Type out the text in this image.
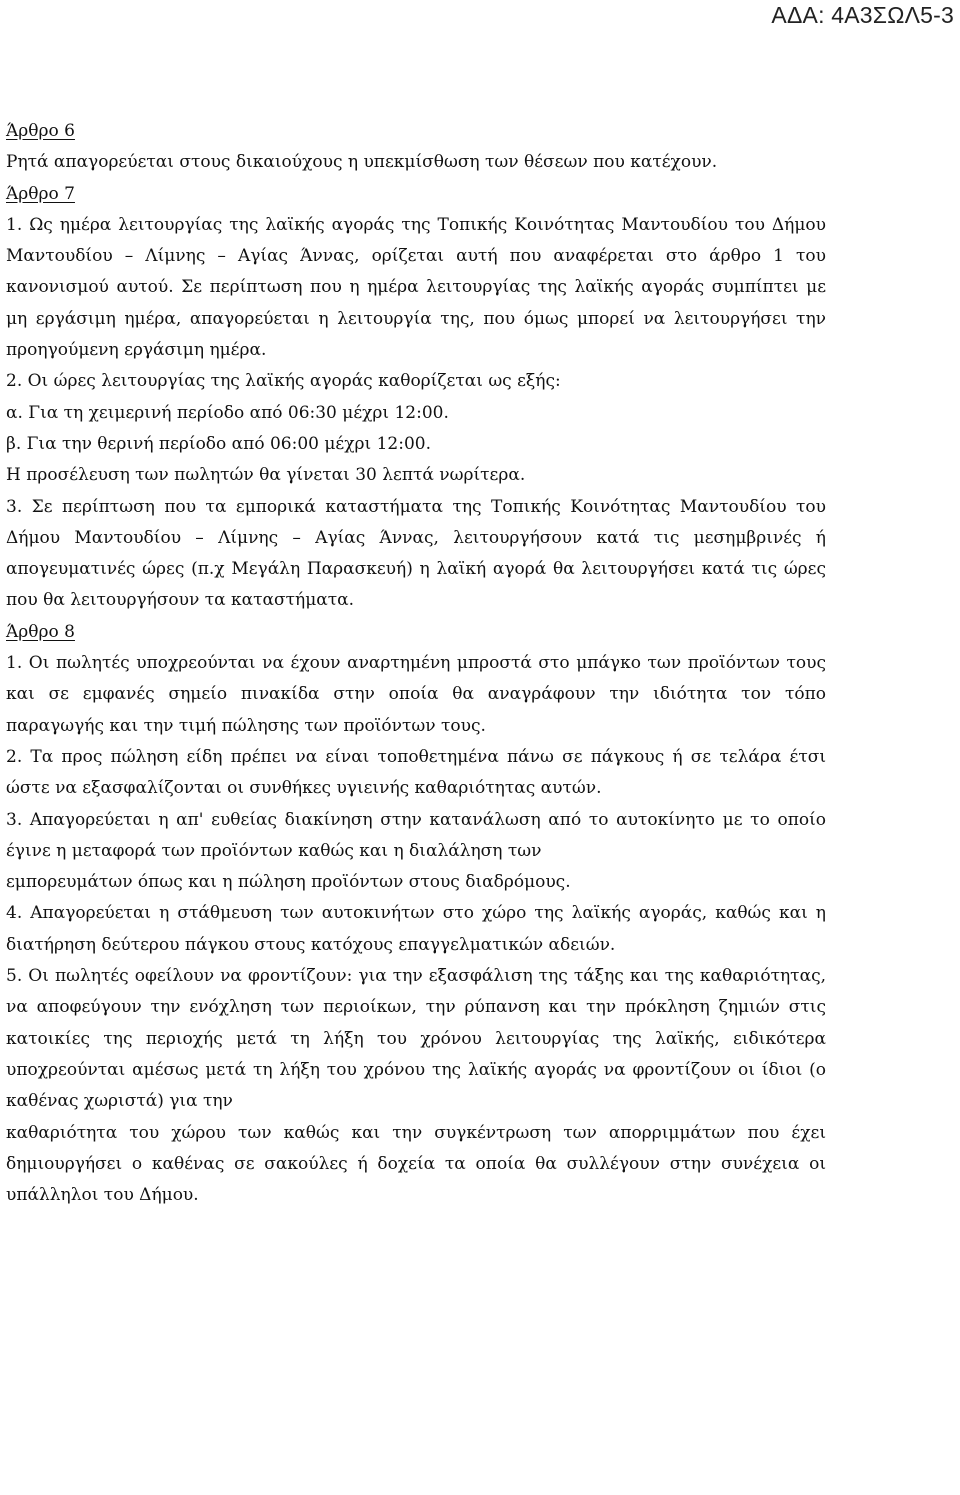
ΑΔΑ: 4Α3ΣΩΛ5-3

Άρθρο 6

Ρητά απαγορεύεται στους δικαιούχους η υπεκμίσθωση των θέσεων που κατέχουν.

Άρθρο 7

1. Ως ημέρα λειτουργίας της λαϊκής αγοράς της Τοπικής Κοινότητας Μαντουδίου του Δήμου Μαντουδίου – Λίμνης – Αγίας Άννας, ορίζεται αυτή που αναφέρεται στο άρθρο 1 του κανονισμού αυτού. Σε περίπτωση που η ημέρα λειτουργίας της λαϊκής αγοράς συμπίπτει με μη εργάσιμη ημέρα, απαγορεύεται η λειτουργία της, που όμως μπορεί να λειτουργήσει την προηγούμενη εργάσιμη ημέρα.

2. Οι ώρες λειτουργίας της λαϊκής αγοράς καθορίζεται ως εξής:

α. Για τη χειμερινή περίοδο από 06:30 μέχρι 12:00.

β. Για την θερινή περίοδο από 06:00 μέχρι 12:00.

Η προσέλευση των πωλητών θα γίνεται 30 λεπτά νωρίτερα.

3. Σε περίπτωση που τα εμπορικά καταστήματα της Τοπικής Κοινότητας Μαντουδίου του Δήμου Μαντουδίου – Λίμνης – Αγίας Άννας, λειτουργήσουν κατά τις μεσημβρινές ή απογευματινές ώρες (π.χ Μεγάλη Παρασκευή) η λαϊκή αγορά θα λειτουργήσει κατά τις ώρες που θα λειτουργήσουν τα καταστήματα.

Άρθρο 8

1. Οι πωλητές υποχρεούνται να έχουν αναρτημένη μπροστά στο μπάγκο των προϊόντων τους και σε εμφανές σημείο πινακίδα στην οποία θα αναγράφουν την ιδιότητα τον τόπο παραγωγής και την τιμή πώλησης των προϊόντων τους.

2. Τα προς πώληση είδη πρέπει να είναι τοποθετημένα πάνω σε πάγκους ή σε τελάρα έτσι ώστε να εξασφαλίζονται οι συνθήκες υγιεινής καθαριότητας αυτών.

3. Απαγορεύεται η απ' ευθείας διακίνηση στην κατανάλωση από το αυτοκίνητο με το οποίο έγινε η μεταφορά των προϊόντων καθώς και η διαλάληση των

εμπορευμάτων όπως και η πώληση προϊόντων στους διαδρόμους.

4. Απαγορεύεται η στάθμευση των αυτοκινήτων στο χώρο της λαϊκής αγοράς, καθώς και η διατήρηση δεύτερου πάγκου στους κατόχους επαγγελματικών αδειών.

5. Οι πωλητές οφείλουν να φροντίζουν: για την εξασφάλιση της τάξης και της καθαριότητας, να αποφεύγουν την ενόχληση των περιοίκων, την ρύπανση και την πρόκληση ζημιών στις κατοικίες της περιοχής μετά τη λήξη του χρόνου λειτουργίας της λαϊκής, ειδικότερα υποχρεούνται αμέσως μετά τη λήξη του χρόνου της λαϊκής αγοράς να φροντίζουν οι ίδιοι (ο καθένας χωριστά) για την

καθαριότητα του χώρου των καθώς και την συγκέντρωση των απορριμμάτων που έχει δημιουργήσει ο καθένας σε σακούλες ή δοχεία τα οποία θα συλλέγουν στην συνέχεια οι υπάλληλοι του Δήμου.
